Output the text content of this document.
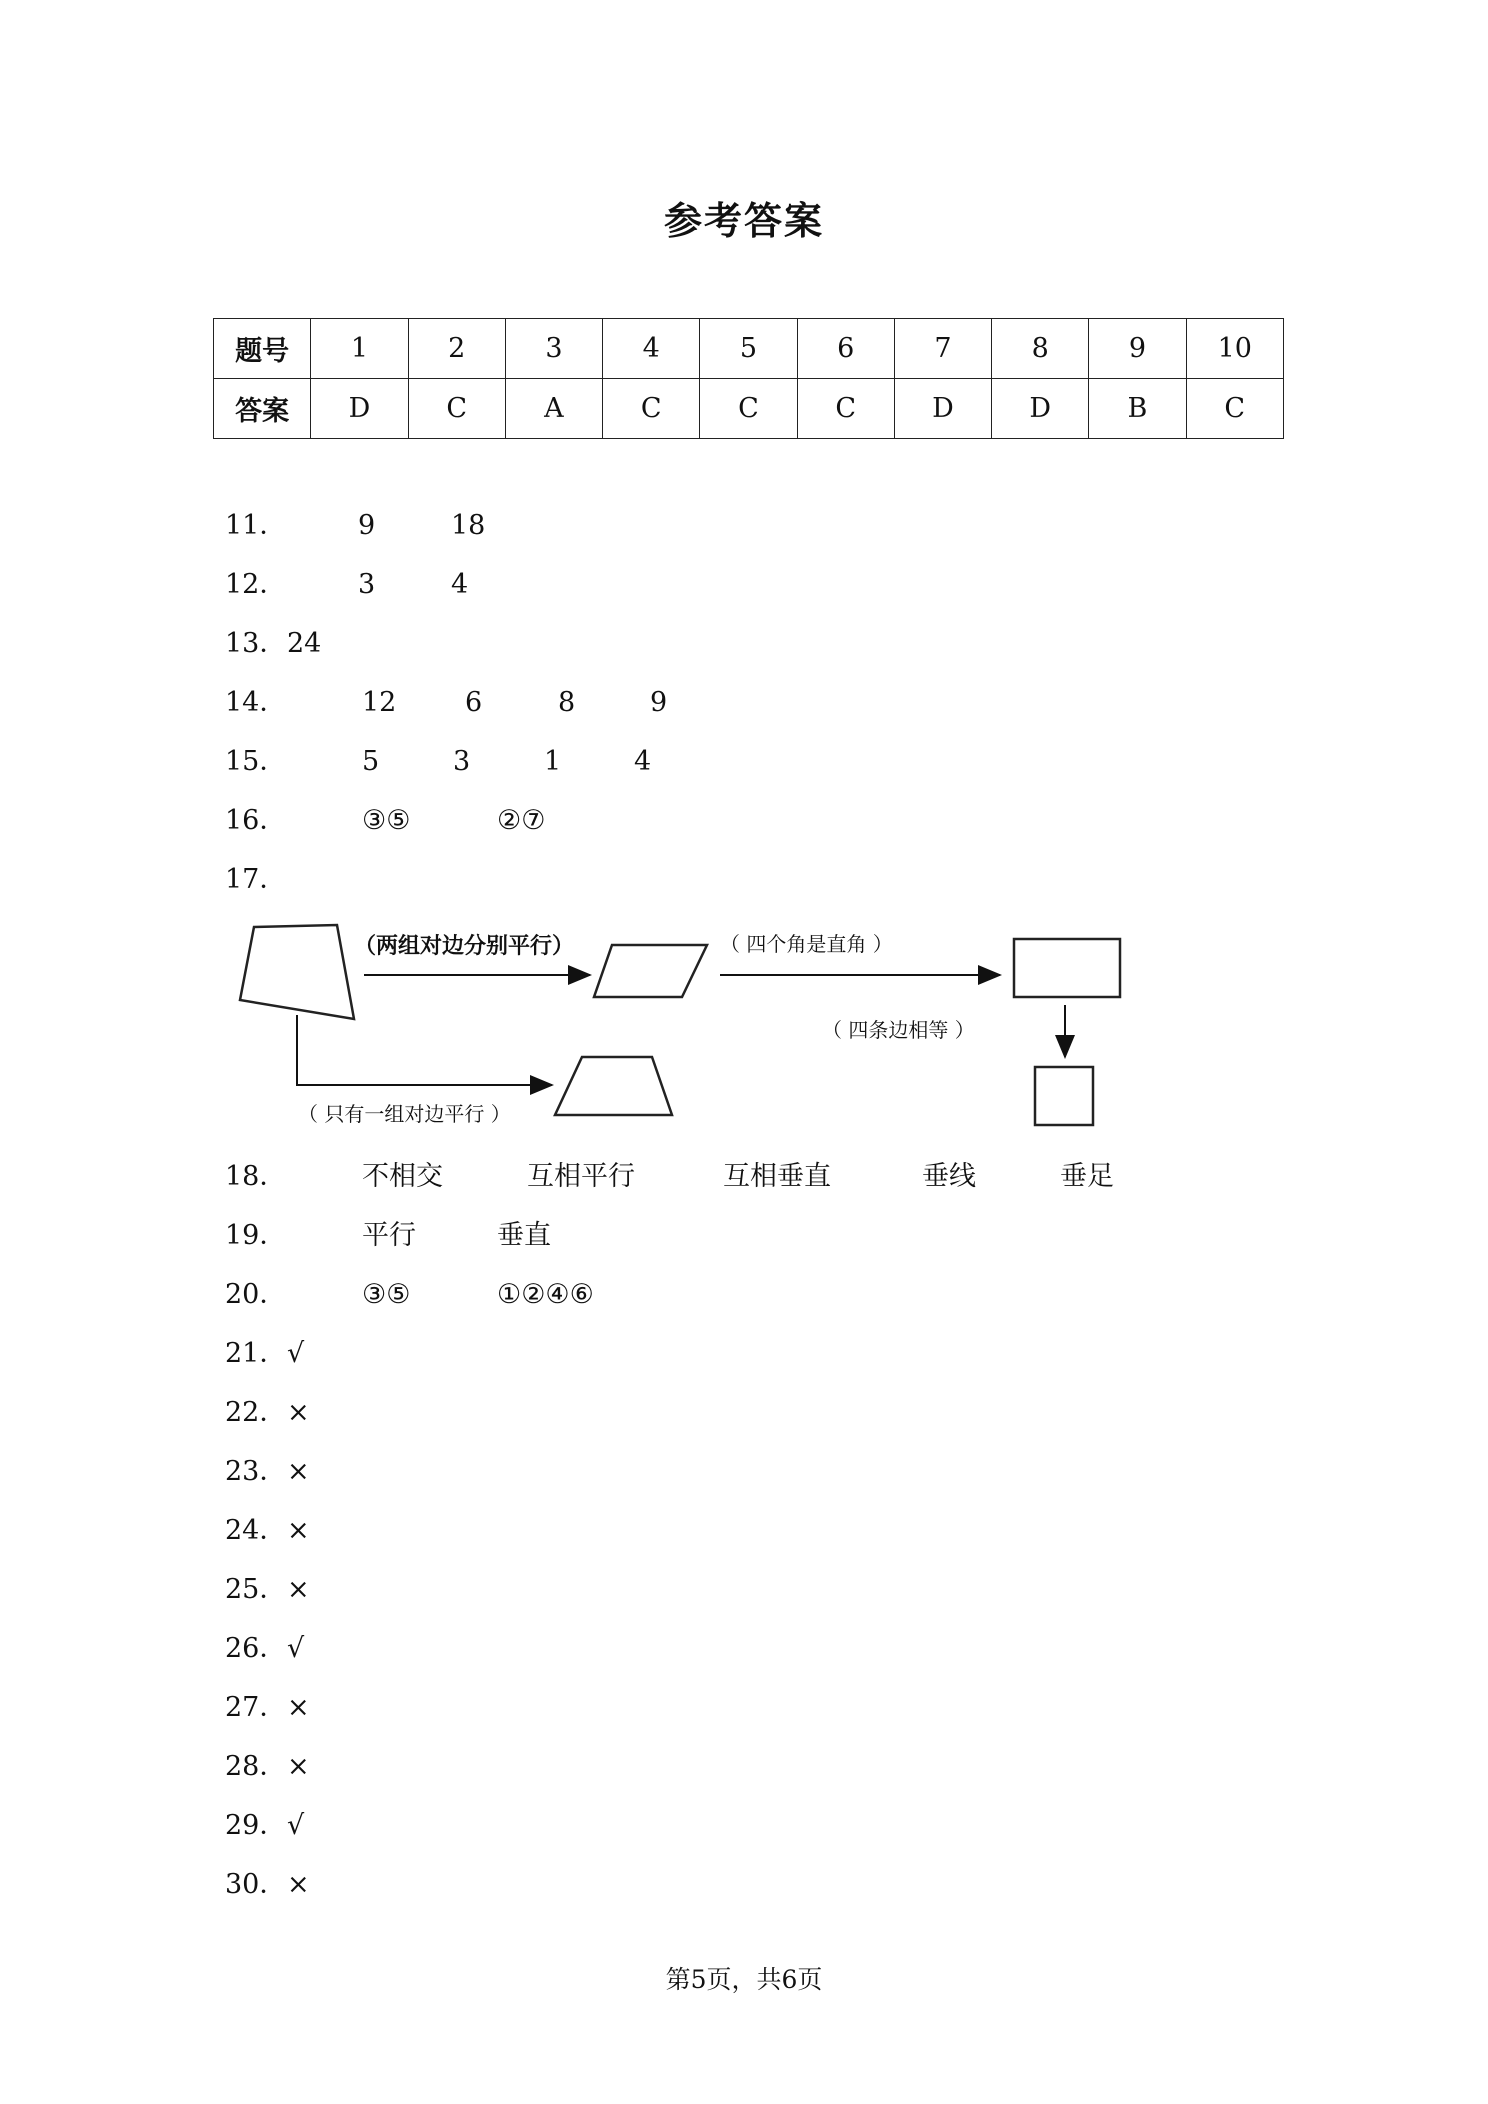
参考答案
题号	1	2	3	4	5	6	7	8	9	10
答案	D	C	A	C	C	C	D	D	B	C
11．	9	18
12．	3	4
13． 24
14．	12	6	8	9
15．	5	3	1	4
16．	③⑤	②⑦
17．
（两组对边分别平行）	（ 四个角是直角 ）
（ 四条边相等 ）
（ 只有一组对边平行 ）
18．	不相交	互相平行	互相垂直	垂线	垂足
19．	平行	垂直
20．	③⑤	①②④⑥
21． √
22． ×
23． ×
24． ×
25． ×
26． √
27． ×
28． ×
29． √
30． ×
第5页，共6页
